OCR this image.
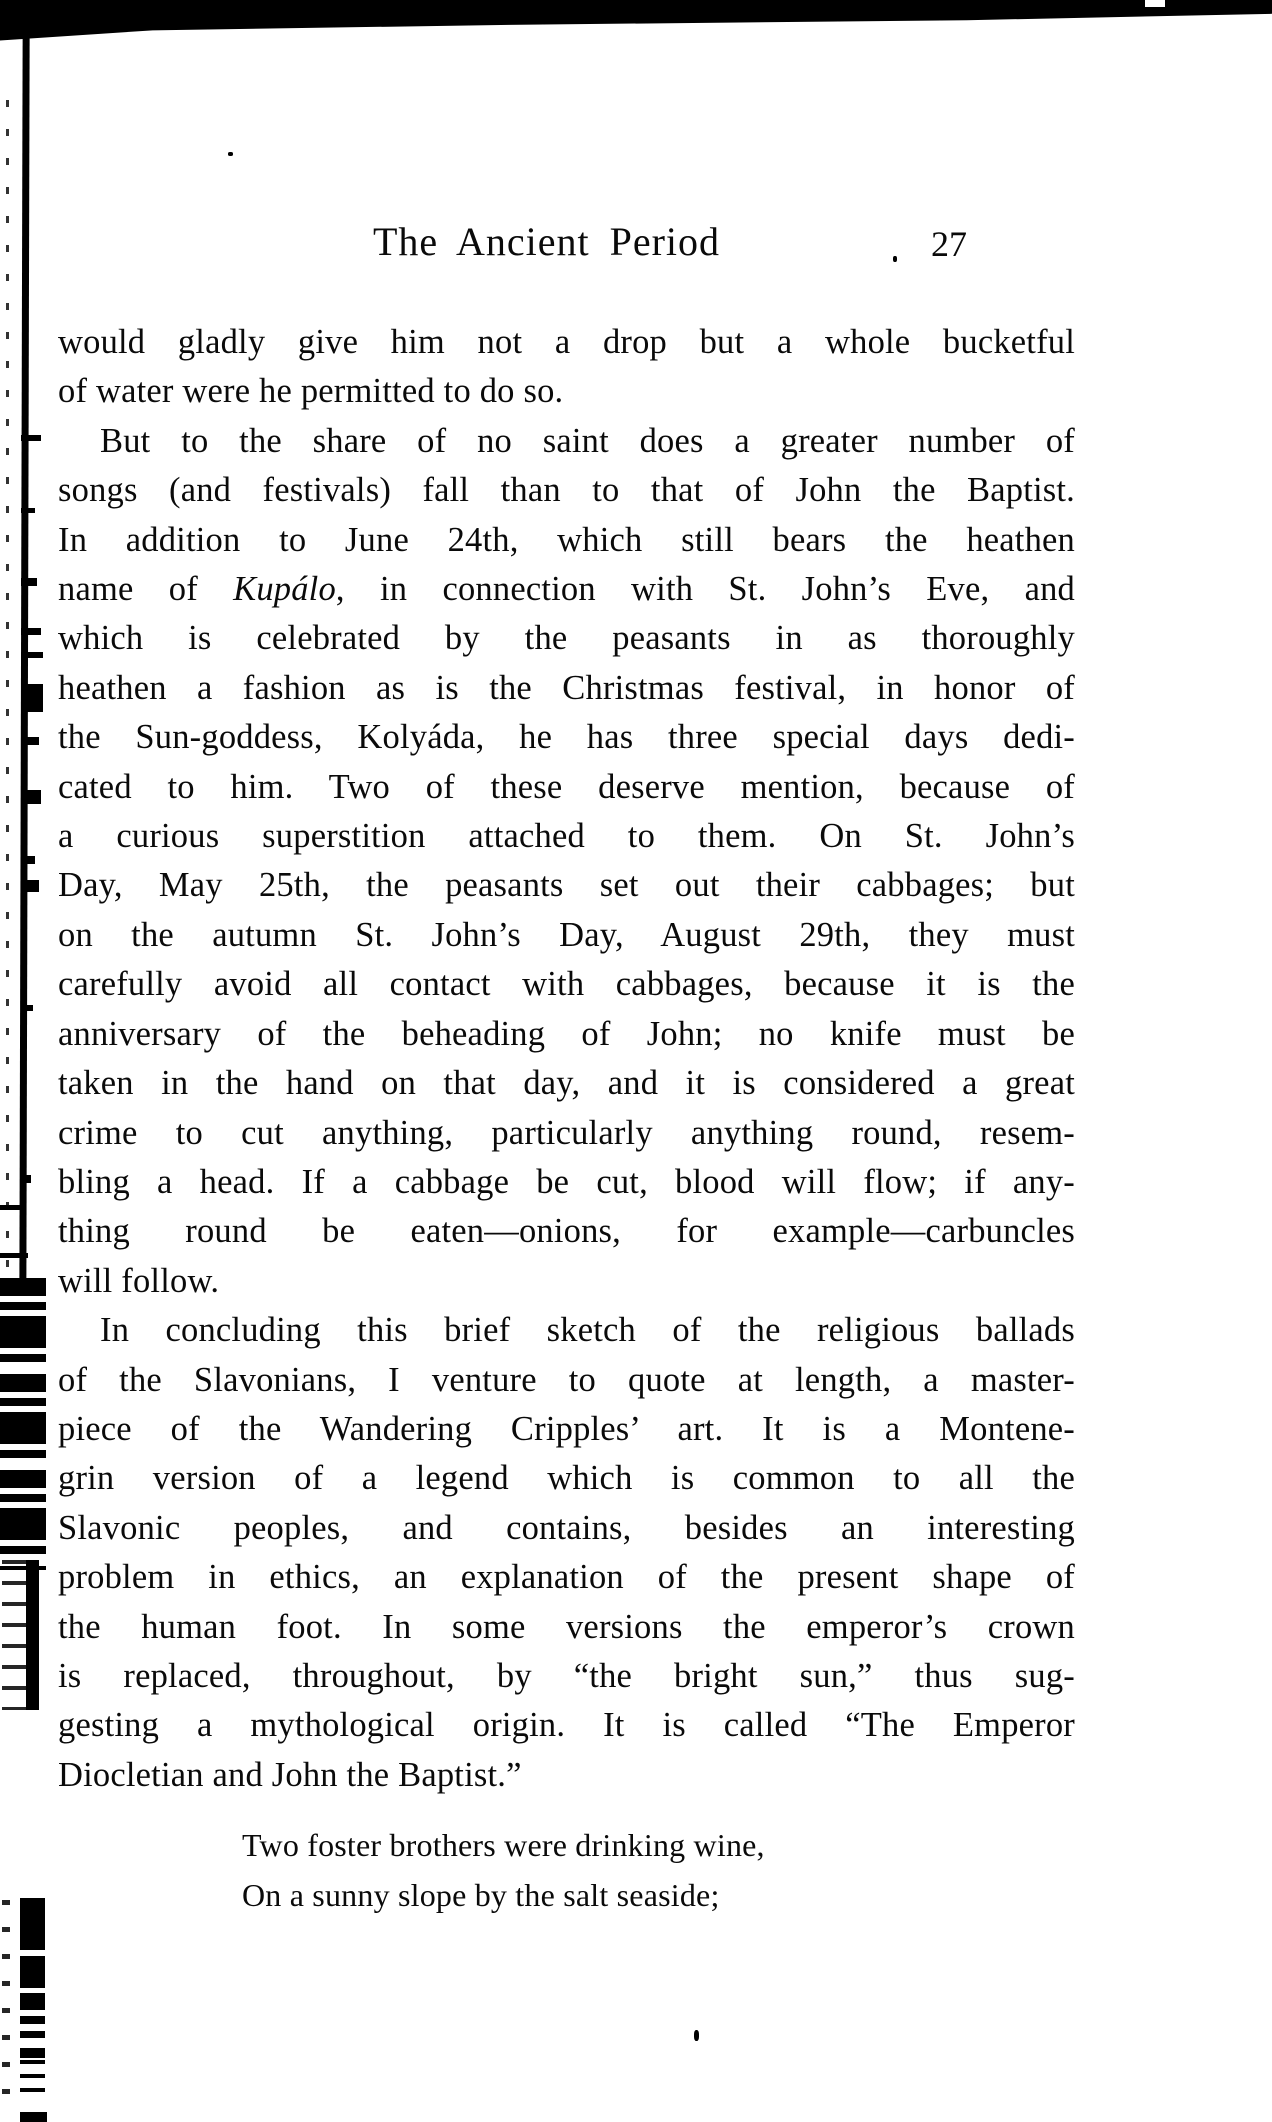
The Ancient Period	27
would gladly give him not a drop but a whole bucketful
of water were he permitted to do so.
But to the share of no saint does a greater number of
songs (and festivals) fall than to that of John the Baptist.
In addition to June 24th, which still bears the heathen
name of Kupálo, in connection with St. John’s Eve, and
which is celebrated by the peasants in as thoroughly
heathen a fashion as is the Christmas festival, in honor of
the Sun-goddess, Kolyáda, he has three special days dedi-
cated to him. Two of these deserve mention, because of
a curious superstition attached to them. On St. John’s
Day, May 25th, the peasants set out their cabbages; but
on the autumn St. John’s Day, August 29th, they must
carefully avoid all contact with cabbages, because it is the
anniversary of the beheading of John; no knife must be
taken in the hand on that day, and it is considered a great
crime to cut anything, particularly anything round, resem-
bling a head. If a cabbage be cut, blood will flow; if any-
thing round be eaten—onions, for example—carbuncles
will follow.
In concluding this brief sketch of the religious ballads
of the Slavonians, I venture to quote at length, a master-
piece of the Wandering Cripples’ art. It is a Montene-
grin version of a legend which is common to all the
Slavonic peoples, and contains, besides an interesting
problem in ethics, an explanation of the present shape of
the human foot. In some versions the emperor’s crown
is replaced, throughout, by “the bright sun,” thus sug-
gesting a mythological origin. It is called “The Emperor
Diocletian and John the Baptist.”
Two foster brothers were drinking wine,
On a sunny slope by the salt seaside;
